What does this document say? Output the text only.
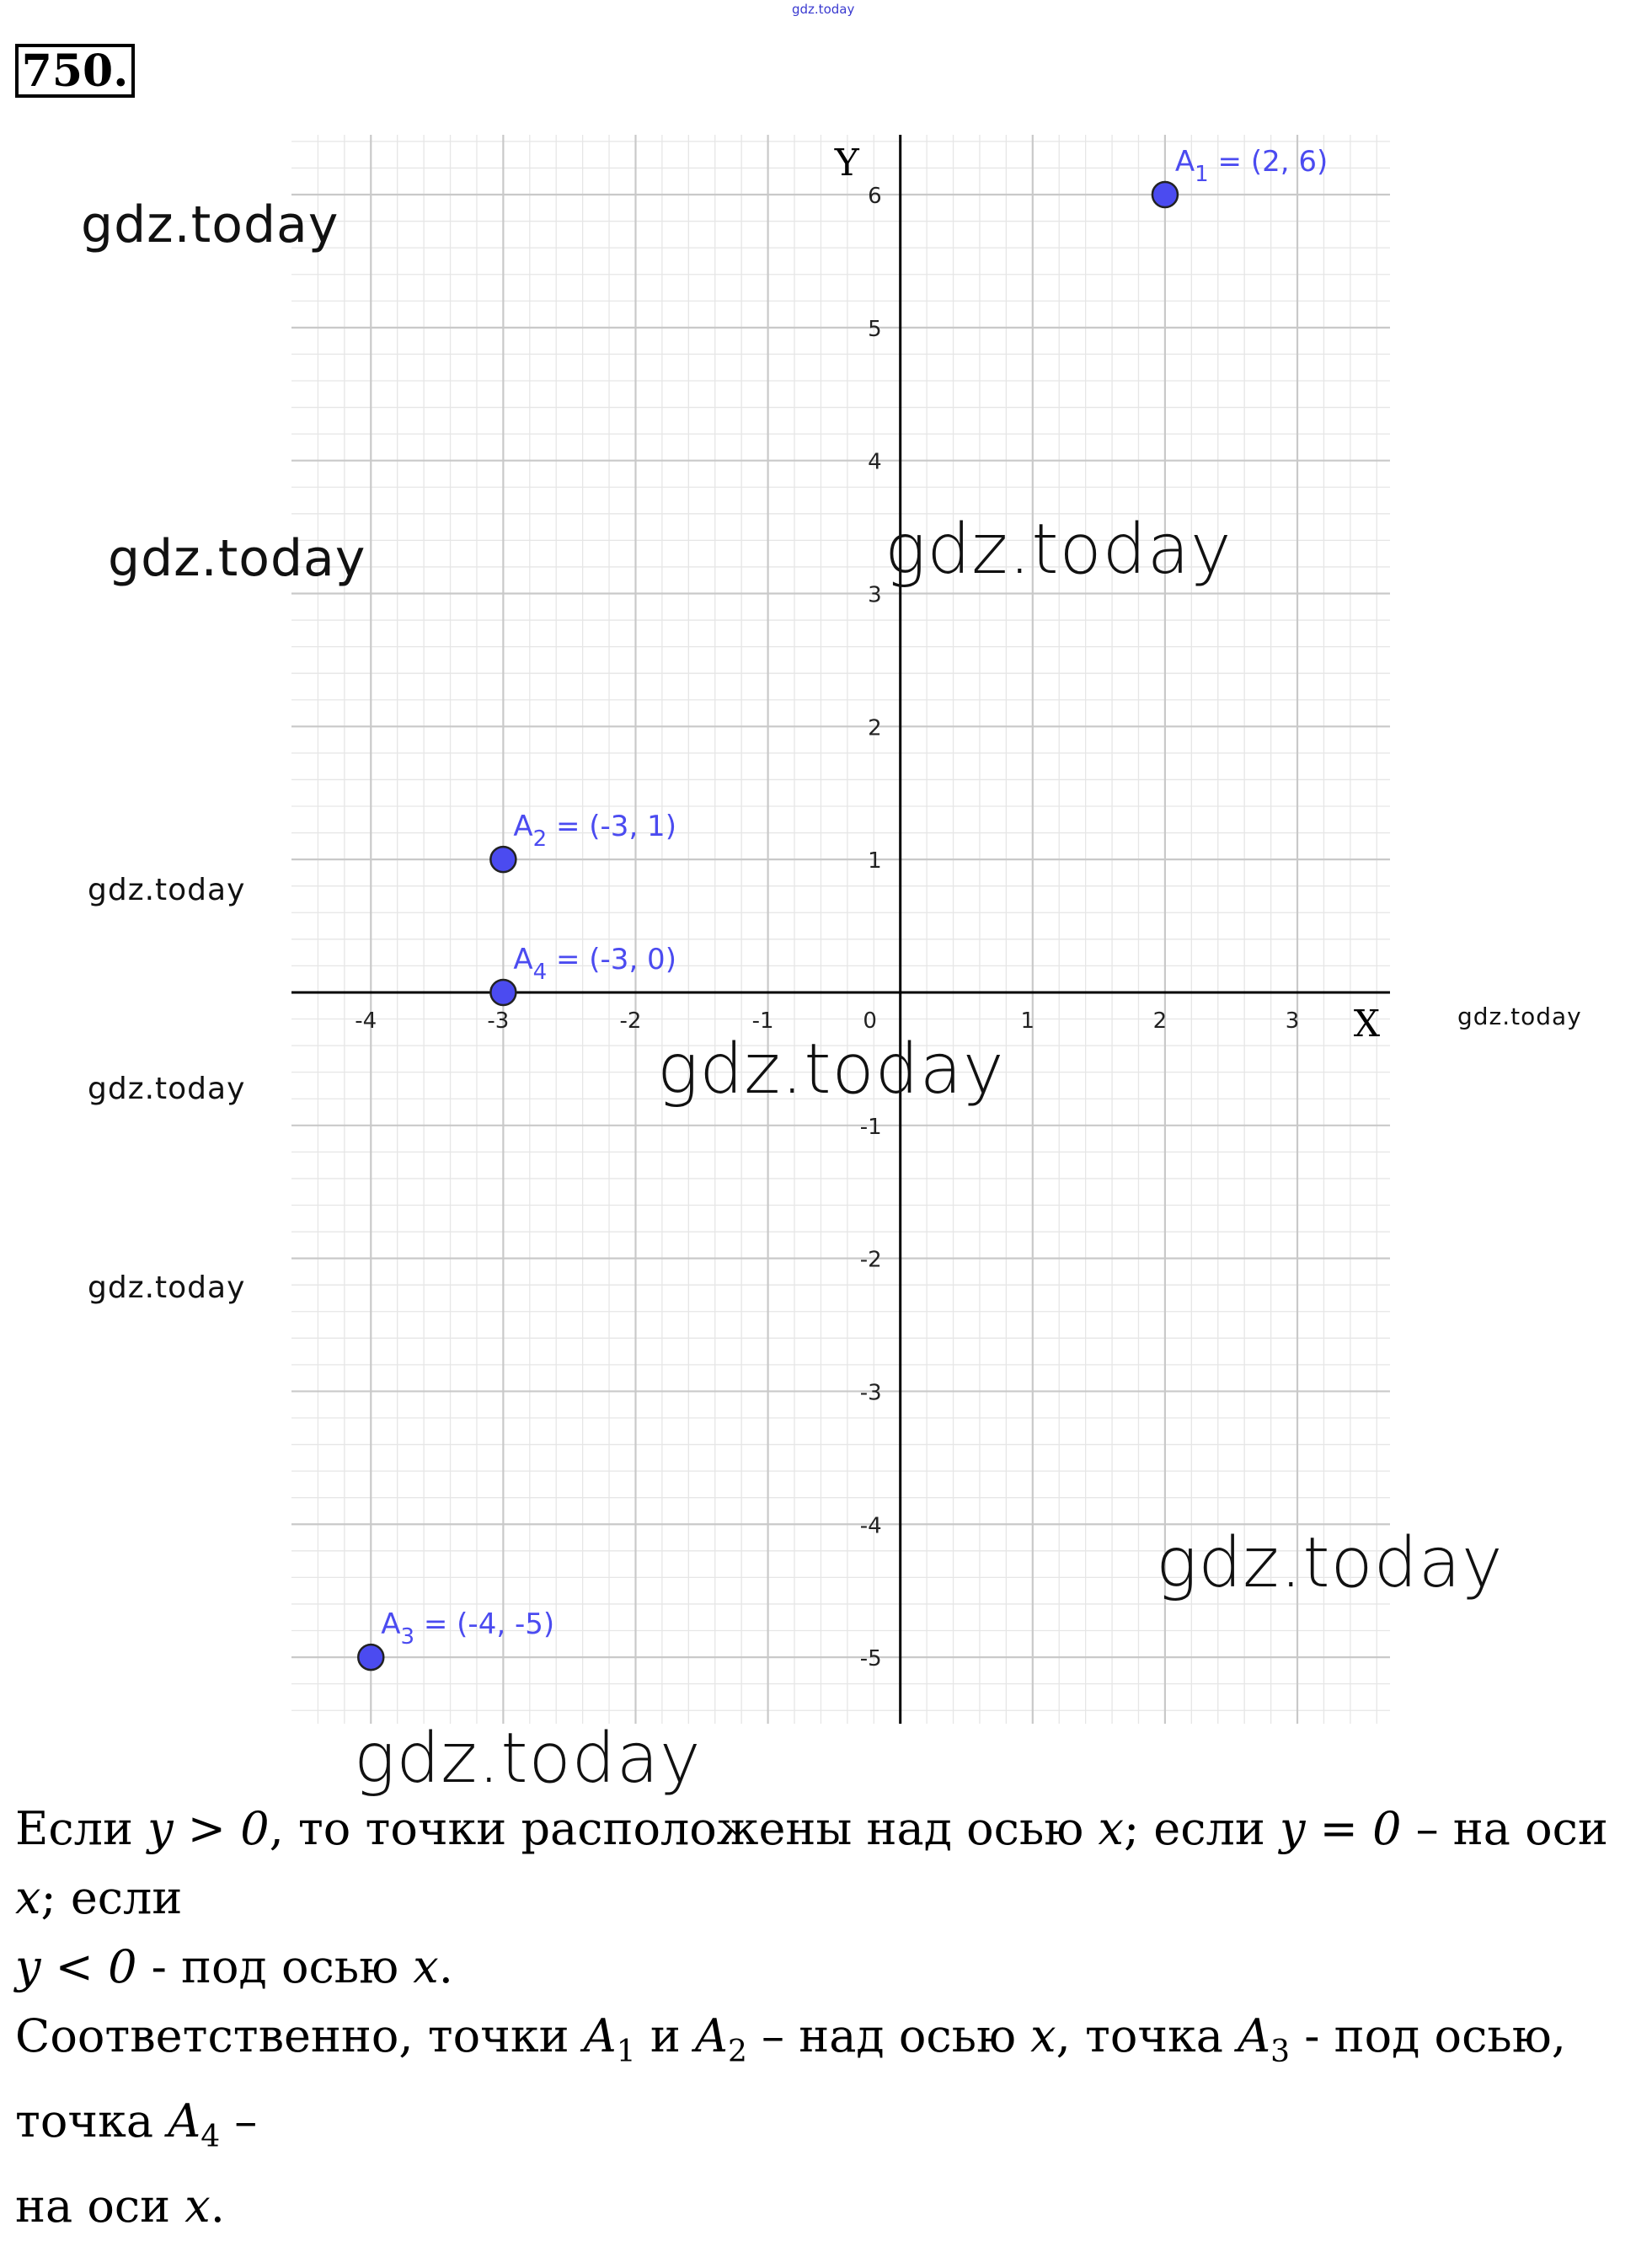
gdz.today
750.
X
Y
-4	-3	-2	-1	0	1	2	3
-5
-4
-3
-2
-1
1
2
3
4
5
6
$A_1 = (2$, 6)
$A_2 = (-3$, 1)
$A_4 = (-3$, 0)
$A_3 = (-4$, -5)
gdz.today
gdz.today	gdz.today
gdz.today
gdz.today
gdz.today
gdz.today
gdz.today
gdz.today
gdz.today

Если y > 0, то точки расположены над осью x; если y = 0 – на оси x; если

y < 0 - под осью x.

Соответственно, точки $A_1$ и $A_2$ – над осью x, точка $A_3$ - под осью, точка $A_4$ –

на оси x.
